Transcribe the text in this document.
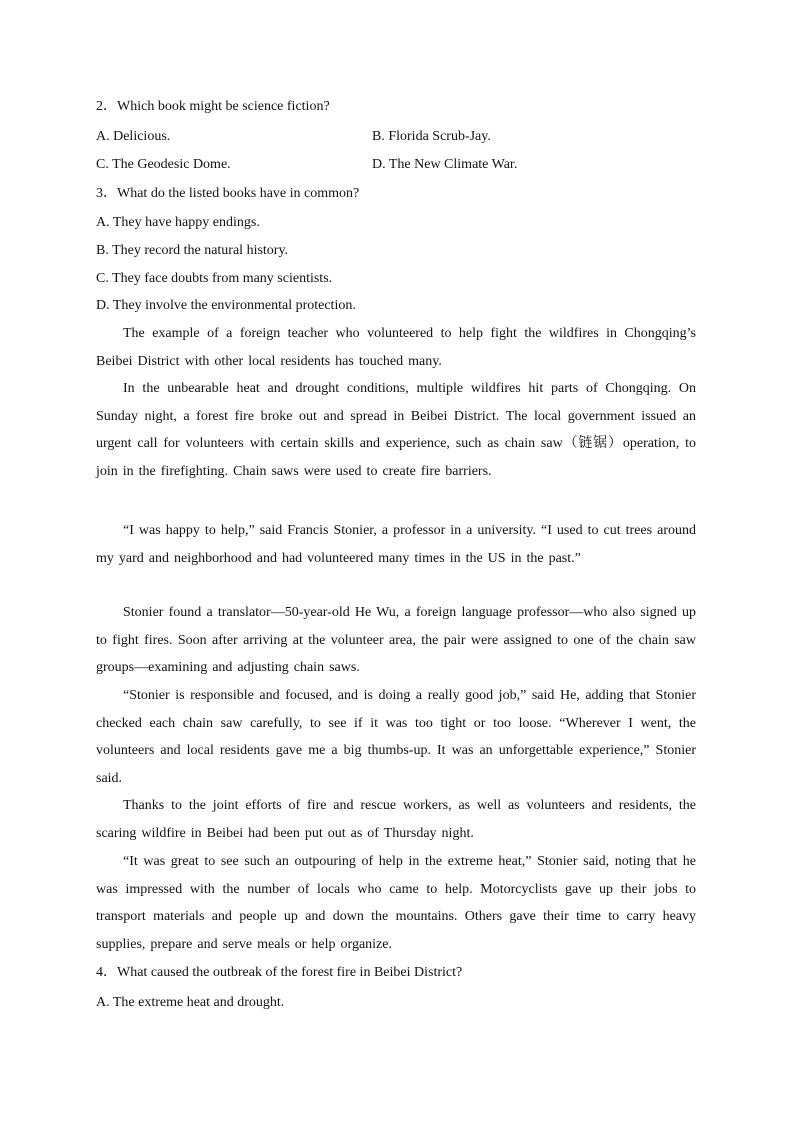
2．Which book might be science fiction?
A. Delicious.	B. Florida Scrub-Jay.
C. The Geodesic Dome.	D. The New Climate War.
3．What do the listed books have in common?
A. They have happy endings.
B. They record the natural history.
C. They face doubts from many scientists.
D. They involve the environmental protection.
The example of a foreign teacher who volunteered to help fight the wildfires in Chongqing’s Beibei District with other local residents has touched many.
In the unbearable heat and drought conditions, multiple wildfires hit parts of Chongqing. On Sunday night, a forest fire broke out and spread in Beibei District. The local government issued an urgent call for volunteers with certain skills and experience, such as chain saw（链锯）operation, to join in the firefighting. Chain saws were used to create fire barriers.
“I was happy to help,” said Francis Stonier, a professor in a university. “I used to cut trees around my yard and neighborhood and had volunteered many times in the US in the past.”
Stonier found a translator—50-year-old He Wu, a foreign language professor—who also signed up to fight fires. Soon after arriving at the volunteer area, the pair were assigned to one of the chain saw groups—examining and adjusting chain saws.
“Stonier is responsible and focused, and is doing a really good job,” said He, adding that Stonier checked each chain saw carefully, to see if it was too tight or too loose. “Wherever I went, the volunteers and local residents gave me a big thumbs-up. It was an unforgettable experience,” Stonier said.
Thanks to the joint efforts of fire and rescue workers, as well as volunteers and residents, the scaring wildfire in Beibei had been put out as of Thursday night.
“It was great to see such an outpouring of help in the extreme heat,” Stonier said, noting that he was impressed with the number of locals who came to help. Motorcyclists gave up their jobs to transport materials and people up and down the mountains. Others gave their time to carry heavy supplies, prepare and serve meals or help organize.
4．What caused the outbreak of the forest fire in Beibei District?
A. The extreme heat and drought.
